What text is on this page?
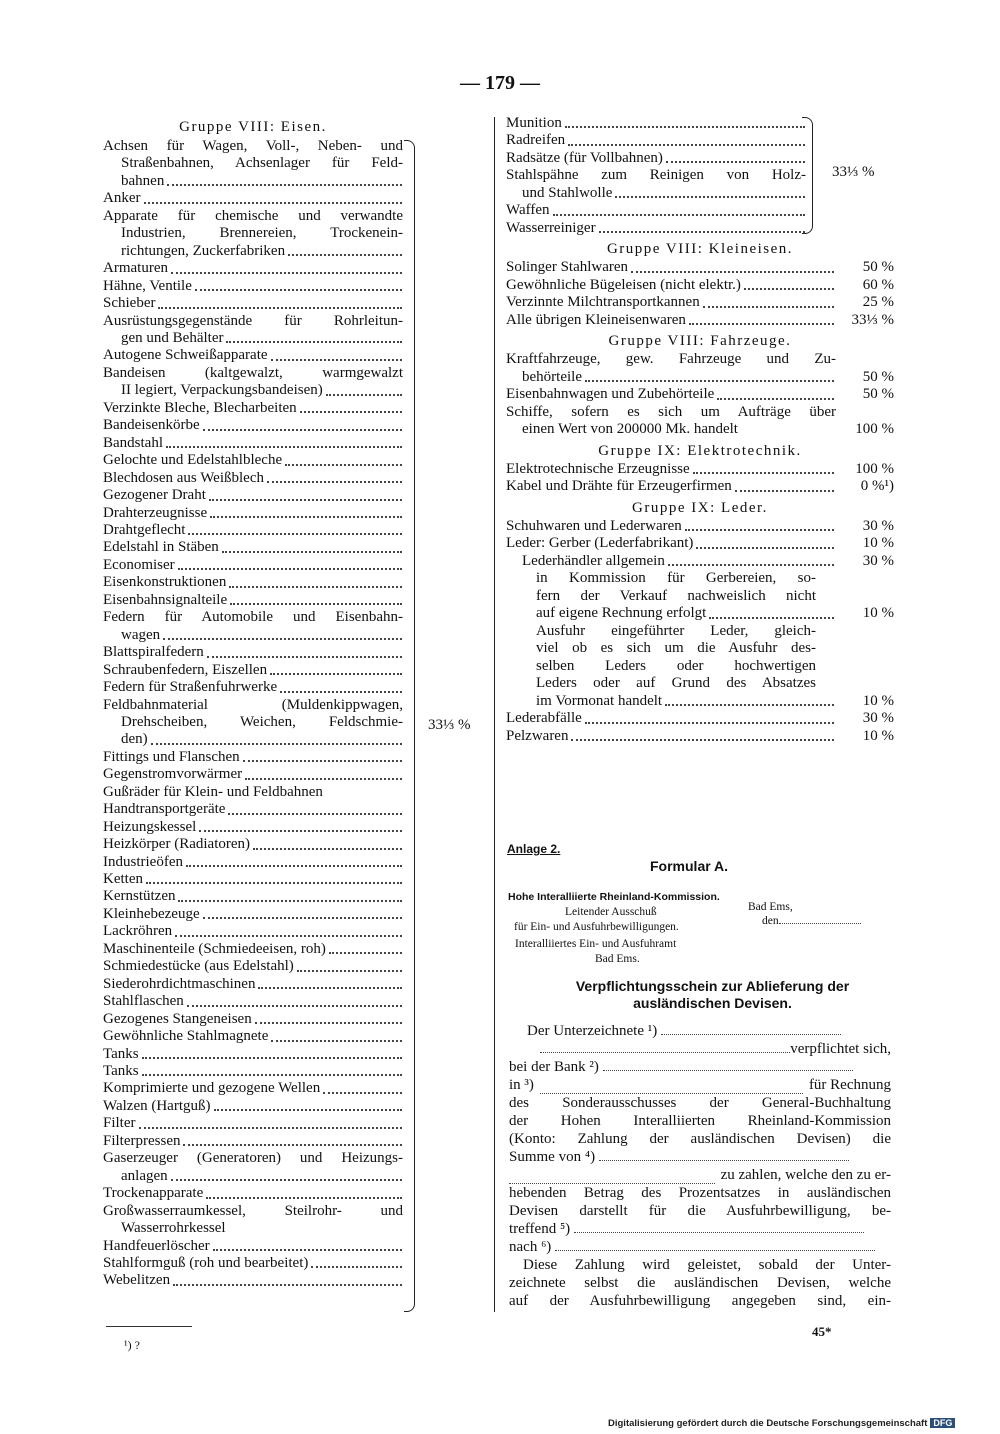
— 179 —
Gruppe VIII: Eisen.
Achsen für Wagen, Voll-, Neben- und
Straßenbahnen, Achsenlager für Feld-
bahnen
Anker
Apparate für chemische und verwandte
Industrien, Brennereien, Trockenein-
richtungen, Zuckerfabriken
Armaturen
Hähne, Ventile
Schieber
Ausrüstungsgegenstände für Rohrleitun-
gen und Behälter
Autogene Schweißapparate
Bandeisen (kaltgewalzt, warmgewalzt
II legiert, Verpackungsbandeisen)
Verzinkte Bleche, Blecharbeiten
Bandeisenkörbe
Bandstahl
Gelochte und Edelstahlbleche
Blechdosen aus Weißblech
Gezogener Draht
Drahterzeugnisse
Drahtgeflecht
Edelstahl in Stäben
Economiser
Eisenkonstruktionen
Eisenbahnsignalteile
Federn für Automobile und Eisenbahn-
wagen
Blattspiralfedern
Schraubenfedern, Eiszellen
Federn für Straßenfuhrwerke
Feldbahnmaterial (Muldenkippwagen,
Drehscheiben, Weichen, Feldschmie-
den)
Fittings und Flanschen
Gegenstromvorwärmer
Gußräder für Klein- und Feldbahnen
Handtransportgeräte
Heizungskessel
Heizkörper (Radiatoren)
Industrieöfen
Ketten
Kernstützen
Kleinhebezeuge
Lackröhren
Maschinenteile (Schmiedeeisen, roh)
Schmiedestücke (aus Edelstahl)
Siederohrdichtmaschinen
Stahlflaschen
Gezogenes Stangeneisen
Gewöhnliche Stahlmagnete
Tanks
Tanks
Komprimierte und gezogene Wellen
Walzen (Hartguß)
Filter
Filterpressen
Gaserzeuger (Generatoren) und Heizungs-
anlagen
Trockenapparate
Großwasserraumkessel, Steilrohr- und
Wasserrohrkessel
Handfeuerlöscher
Stahlformguß (roh und bearbeitet)
Webelitzen
33⅓ %
¹) ?
Munition
Radreifen
Radsätze (für Vollbahnen)
Stahlspähne zum Reinigen von Holz-
und Stahlwolle
Waffen
Wasserreiniger
Gruppe VIII: Kleineisen.
Solinger Stahlwaren	50 %
Gewöhnliche Bügeleisen (nicht elektr.)	60 %
Verzinnte Milchtransportkannen	25 %
Alle übrigen Kleineisenwaren	33⅓ %
Gruppe VIII: Fahrzeuge.
Kraftfahrzeuge, gew. Fahrzeuge und Zu-
behörteile	50 %
Eisenbahnwagen und Zubehörteile	50 %
Schiffe, sofern es sich um Aufträge über
einen Wert von 200000 Mk. handelt	100 %
Gruppe IX: Elektrotechnik.
Elektrotechnische Erzeugnisse	100 %
Kabel und Drähte für Erzeugerfirmen	0 %¹)
Gruppe IX: Leder.
Schuhwaren und Lederwaren	30 %
Leder: Gerber (Lederfabrikant)	10 %
Lederhändler allgemein	30 %
in Kommission für Gerbereien, so-
fern der Verkauf nachweislich nicht
auf eigene Rechnung erfolgt	10 %
Ausfuhr eingeführter Leder, gleich-
viel ob es sich um die Ausfuhr des-
selben Leders oder hochwertigen
Leders oder auf Grund des Absatzes
im Vormonat handelt	10 %
Lederabfälle	30 %
Pelzwaren	10 %
33⅓ %
Anlage 2.
Formular A.
Hohe Interalliierte Rheinland-Kommission.
Leitender Ausschuß
für Ein- und Ausfuhrbewilligungen.
Interalliiertes Ein- und Ausfuhramt
Bad Ems.
Bad Ems,
den
Verpflichtungsschein zur Ablieferung der
ausländischen Devisen.
Der Unterzeichnete ¹)
verpflichtet sich,
bei der Bank ²)
in ³)	für Rechnung
des Sonderausschusses der General-Buchhaltung
der Hohen Interalliierten Rheinland-Kommission
(Konto: Zahlung der ausländischen Devisen) die
Summe von ⁴)
zu zahlen, welche den zu er-
hebenden Betrag des Prozentsatzes in ausländischen
Devisen darstellt für die Ausfuhrbewilligung, be-
treffend ⁵)
nach ⁶)
Diese Zahlung wird geleistet, sobald der Unter-
zeichnete selbst die ausländischen Devisen, welche
auf der Ausfuhrbewilligung angegeben sind, ein-
45*
Digitalisierung gefördert durch die Deutsche Forschungsgemeinschaft DFG
